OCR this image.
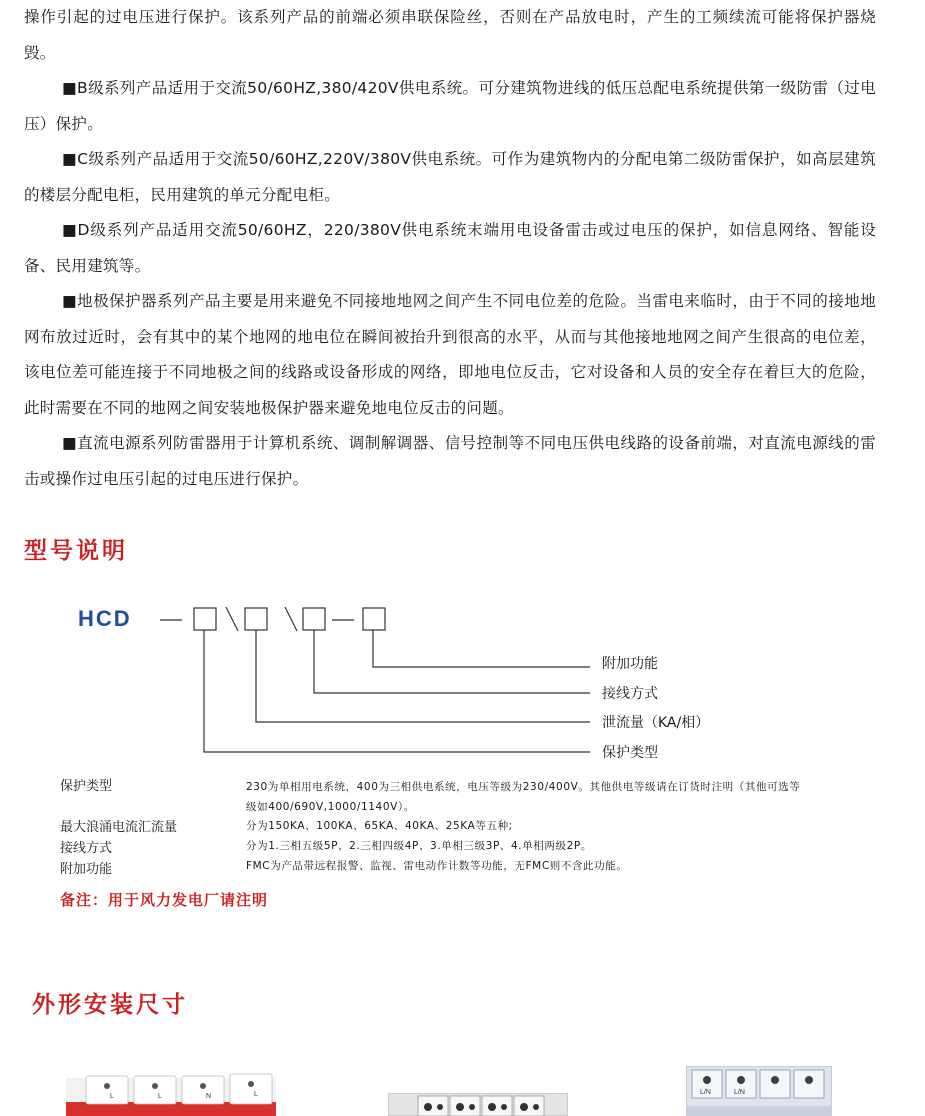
操作引起的过电压进行保护。该系列产品的前端必须串联保险丝，否则在产品放电时，产生的工频续流可能将保护器烧毁。

■B级系列产品适用于交流50/60HZ,380/420V供电系统。可分建筑物进线的低压总配电系统提供第一级防雷（过电压）保护。

■C级系列产品适用于交流50/60HZ,220V/380V供电系统。可作为建筑物内的分配电第二级防雷保护，如高层建筑的楼层分配电柜，民用建筑的单元分配电柜。

■D级系列产品适用交流50/60HZ，220/380V供电系统末端用电设备雷击或过电压的保护，如信息网络、智能设备、民用建筑等。

■地极保护器系列产品主要是用来避免不同接地地网之间产生不同电位差的危险。当雷电来临时，由于不同的接地地网布放过近时，会有其中的某个地网的地电位在瞬间被抬升到很高的水平，从而与其他接地地网之间产生很高的电位差，该电位差可能连接于不同地极之间的线路或设备形成的网络，即地电位反击，它对设备和人员的安全存在着巨大的危险，此时需要在不同的地网之间安装地极保护器来避免地电位反击的问题。

■直流电源系列防雷器用于计算机系统、调制解调器、信号控制等不同电压供电线路的设备前端，对直流电源线的雷击或操作过电压引起的过电压进行保护。

型号说明
HCD
附加功能
接线方式
泄流量（KA/相）
保护类型
保护类型	230为单相用电系统，400为三相供电系统，电压等级为230/400V。其他供电等级请在订货时注明（其他可选等级如400/690V,1000/1140V）。
最大浪涌电流汇流量	分为150KA、100KA、65KA、40KA、25KA等五种;
接线方式	分为1.三相五级5P、2.三相四级4P、3.单相三级3P、4.单相两级2P。
附加功能	FMC为产品带远程报警、监视、雷电动作计数等功能，无FMC则不含此功能。
备注：用于风力发电厂请注明
外形安装尺寸
L	L	N	L	L/N	L/N
